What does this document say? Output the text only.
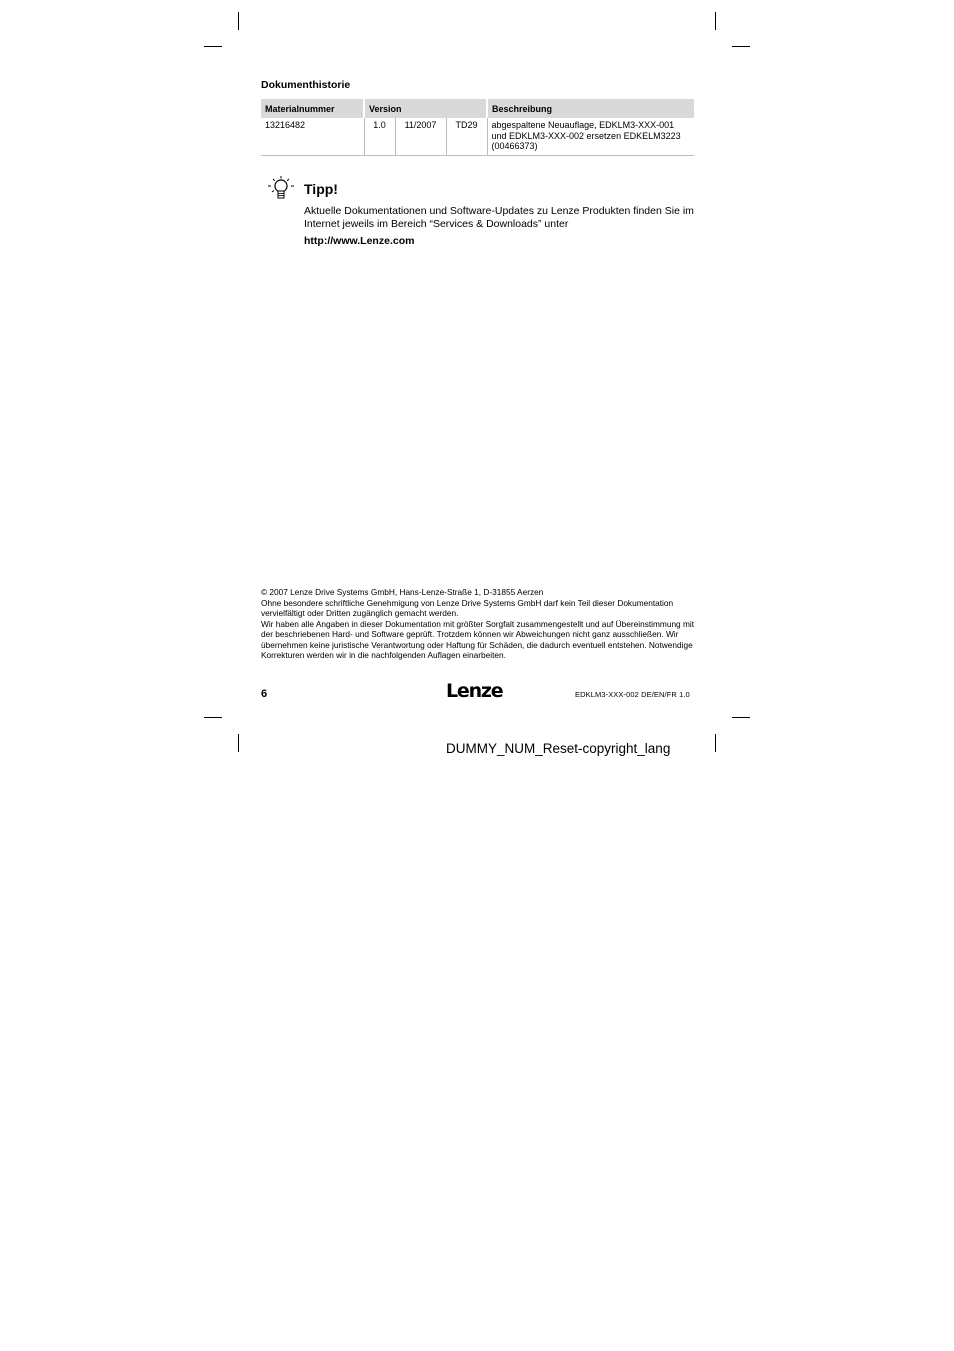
Dokumenthistorie
Materialnummer	Version			Beschreibung
13216482	1.0	11/2007	TD29	abgespaltene Neuauflage, EDKLM3-XXX-001 und EDKLM3-XXX-002 ersetzen EDKELM3223 (00466373)
Tipp!
Aktuelle Dokumentationen und Software-Updates zu Lenze Produkten finden Sie im Internet jeweils im Bereich “Services & Downloads” unter
http://www.Lenze.com

© 2007 Lenze Drive Systems GmbH, Hans-Lenze-Straße 1, D-31855 Aerzen

Ohne besondere schriftliche Genehmigung von Lenze Drive Systems GmbH darf kein Teil dieser Dokumentation vervielfältigt oder Dritten zugänglich gemacht werden.

Wir haben alle Angaben in dieser Dokumentation mit größter Sorgfalt zusammengestellt und auf Übereinstimmung mit der beschriebenen Hard- und Software geprüft. Trotzdem können wir Abweichungen nicht ganz ausschließen. Wir übernehmen keine juristische Verantwortung oder Haftung für Schäden, die dadurch eventuell entstehen. Notwendige Korrekturen werden wir in die nachfolgenden Auflagen einarbeiten.

6	Lenze	EDKLM3-XXX-002 DE/EN/FR 1.0
DUMMY_NUM_Reset-copyright_lang
